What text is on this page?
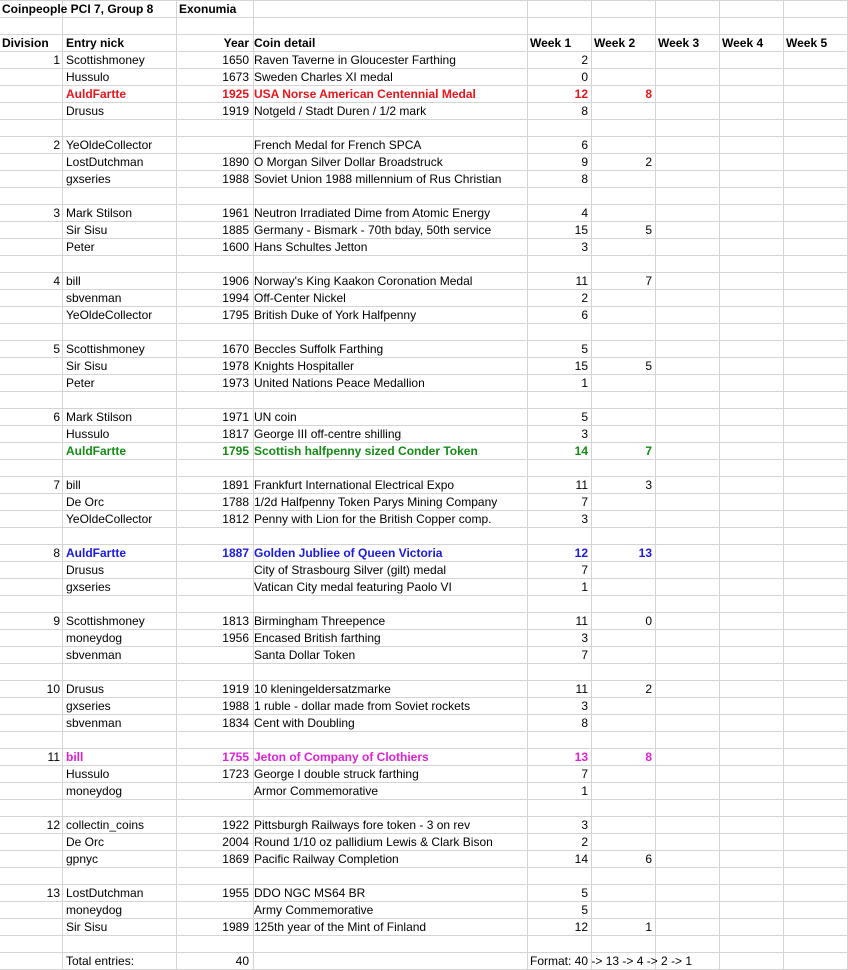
Coinpeople PCI 7, Group 8	Exonumia
Division	Entry nick	Year Coin detail	Week 1	Week 2	Week 3	Week 4	Week 5
1 Scottishmoney	1650 Raven Taverne in Gloucester Farthing	2
Hussulo	1673 Sweden Charles XI medal	0
AuldFartte	1925 USA Norse American Centennial Medal	12	8
Drusus	1919 Notgeld / Stadt Duren / 1/2 mark	8
2 YeOldeCollector	French Medal for French SPCA	6
LostDutchman	1890 O Morgan Silver Dollar Broadstruck	9	2
gxseries	1988 Soviet Union 1988 millennium of Rus Christian	8
3 Mark Stilson	1961 Neutron Irradiated Dime from Atomic Energy	4
Sir Sisu	1885 Germany - Bismark - 70th bday, 50th service	15	5
Peter	1600 Hans Schultes Jetton	3
4 bill	1906 Norway's King Kaakon Coronation Medal	11	7
sbvenman	1994 Off-Center Nickel	2
YeOldeCollector	1795 British Duke of York Halfpenny	6
5 Scottishmoney	1670 Beccles Suffolk Farthing	5
Sir Sisu	1978 Knights Hospitaller	15	5
Peter	1973 United Nations Peace Medallion	1
6 Mark Stilson	1971 UN coin	5
Hussulo	1817 George III off-centre shilling	3
AuldFartte	1795 Scottish halfpenny sized Conder Token	14	7
7 bill	1891 Frankfurt International Electrical Expo	11	3
De Orc	1788 1/2d Halfpenny Token Parys Mining Company	7
YeOldeCollector	1812 Penny with Lion for the British Copper comp.	3
8 AuldFartte	1887 Golden Jubliee of Queen Victoria	12	13
Drusus	City of Strasbourg Silver (gilt) medal	7
gxseries	Vatican City medal featuring Paolo VI	1
9 Scottishmoney	1813 Birmingham Threepence	11	0
moneydog	1956 Encased British farthing	3
sbvenman	Santa Dollar Token	7
10 Drusus	1919 10 kleningeldersatzmarke	11	2
gxseries	1988 1 ruble - dollar made from Soviet rockets	3
sbvenman	1834 Cent with Doubling	8
11 bill	1755 Jeton of Company of Clothiers	13	8
Hussulo	1723 George I double struck farthing	7
moneydog	Armor Commemorative	1
12 collectin_coins	1922 Pittsburgh Railways fore token - 3 on rev	3
De Orc	2004 Round 1/10 oz pallidium Lewis & Clark Bison	2
gpnyc	1869 Pacific Railway Completion	14	6
13 LostDutchman	1955 DDO NGC MS64 BR	5
moneydog	Army Commemorative	5
Sir Sisu	1989 125th year of the Mint of Finland	12	1
Total entries:	40	Format: 40 -> 13 -> 4 -> 2 -> 1
